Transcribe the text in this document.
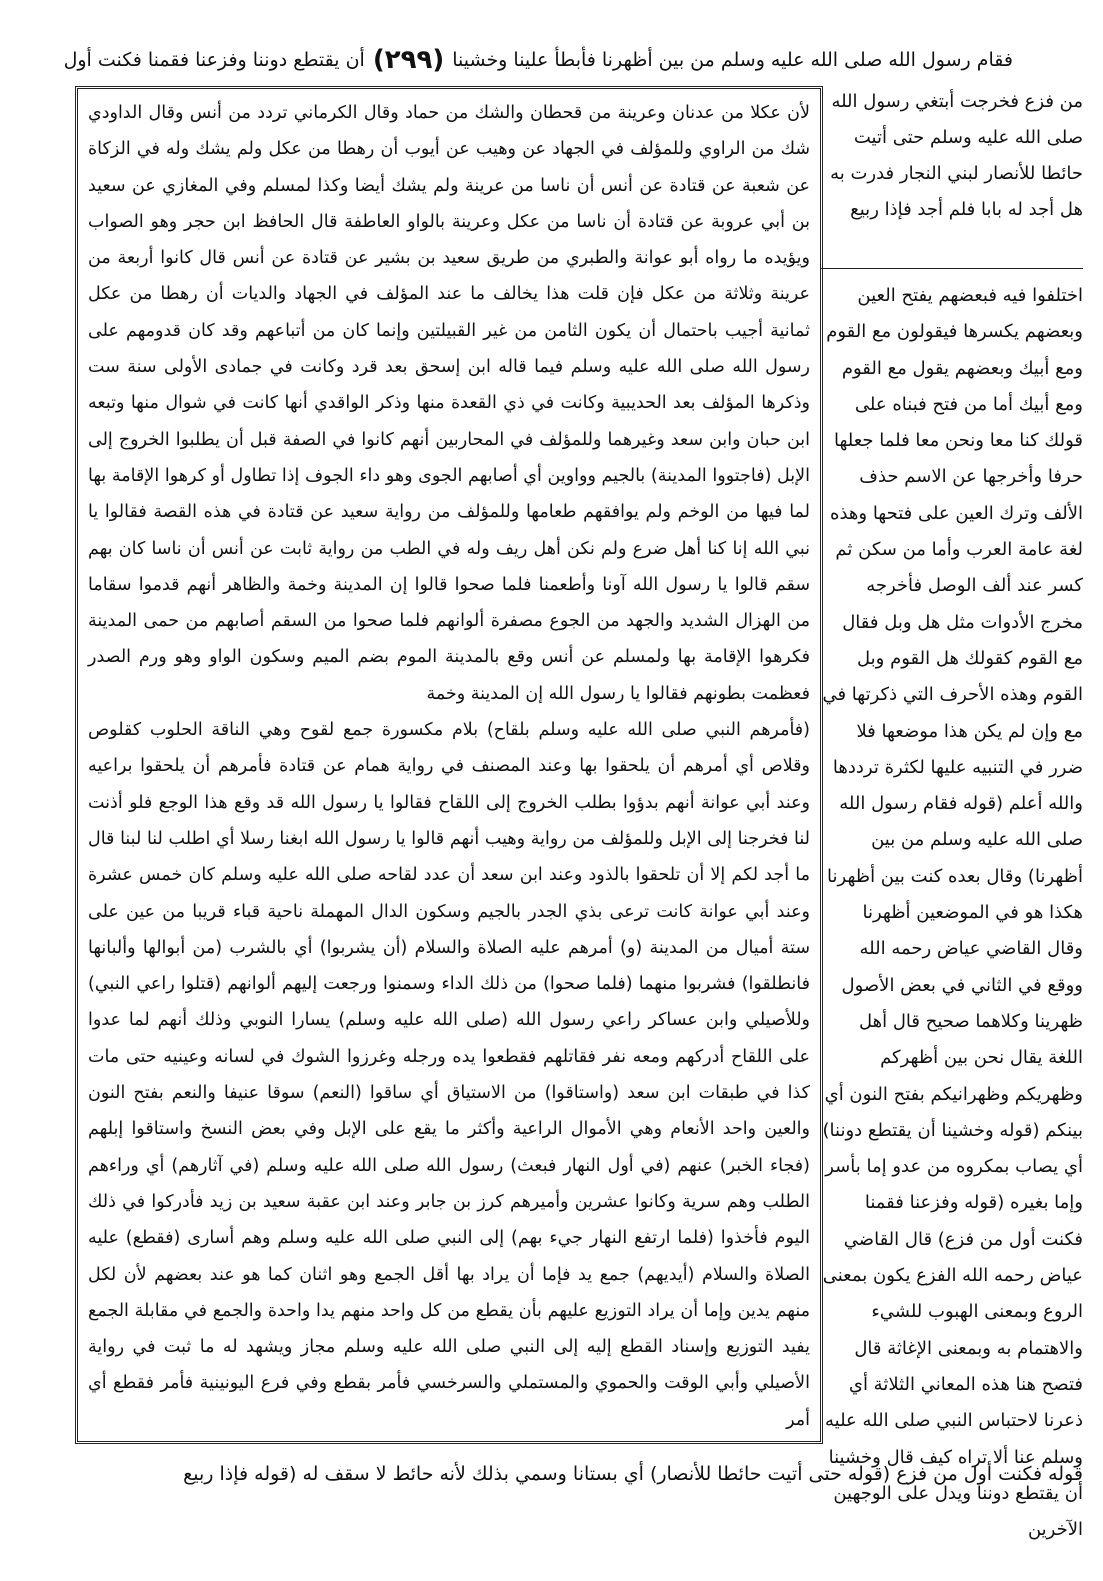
فقام رسول الله صلى الله عليه وسلم من بين أظهرنا فأبطأ علينا وخشينا
(٢٩٩)
أن يقتطع دوننا وفزعنا فقمنا فكنت أول

من فزع فخرجت أبتغي رسول الله صلى الله عليه وسلم حتى أتيت حائطا للأنصار لبني النجار فدرت به هل أجد له بابا فلم أجد فإذا ربيع

اختلفوا فيه فبعضهم يفتح العين وبعضهم يكسرها فيقولون مع القوم ومع أبيك وبعضهم يقول مع القوم ومع أبيك أما من فتح فبناه على قولك كنا معا ونحن معا فلما جعلها حرفا وأخرجها عن الاسم حذف الألف وترك العين على فتحها وهذه لغة عامة العرب وأما من سكن ثم كسر عند ألف الوصل فأخرجه مخرج الأدوات مثل هل وبل فقال مع القوم كقولك هل القوم وبل القوم وهذه الأحرف التي ذكرتها في مع وإن لم يكن هذا موضعها فلا ضرر في التنبيه عليها لكثرة ترددها والله أعلم (قوله فقام رسول الله صلى الله عليه وسلم من بين أظهرنا) وقال بعده كنت بين أظهرنا هكذا هو في الموضعين أظهرنا وقال القاضي عياض رحمه الله ووقع في الثاني في بعض الأصول ظهرينا وكلاهما صحيح قال أهل اللغة يقال نحن بين أظهركم وظهريكم وظهرانيكم بفتح النون أي بينكم (قوله وخشينا أن يقتطع دوننا) أي يصاب بمكروه من عدو إما بأسر وإما بغيره (قوله وفزعنا فقمنا فكنت أول من فزع) قال القاضي عياض رحمه الله الفزع يكون بمعنى الروع وبمعنى الهبوب للشيء والاهتمام به وبمعنى الإغاثة قال فتصح هنا هذه المعاني الثلاثة أي ذعرنا لاحتباس النبي صلى الله عليه وسلم عنا ألا تراه كيف قال وخشينا أن يقتطع دوننا ويدل على الوجهين الآخرين

لأن عكلا من عدنان وعرينة من قحطان والشك من حماد وقال الكرماني تردد من أنس وقال الداودي شك من الراوي وللمؤلف في الجهاد عن وهيب عن أيوب أن رهطا من عكل ولم يشك وله في الزكاة عن شعبة عن قتادة عن أنس أن ناسا من عرينة ولم يشك أيضا وكذا لمسلم وفي المغازي عن سعيد بن أبي عروبة عن قتادة أن ناسا من عكل وعرينة بالواو العاطفة قال الحافظ ابن حجر وهو الصواب ويؤيده ما رواه أبو عوانة والطبري من طريق سعيد بن بشير عن قتادة عن أنس قال كانوا أربعة من عرينة وثلاثة من عكل فإن قلت هذا يخالف ما عند المؤلف في الجهاد والديات أن رهطا من عكل ثمانية أجيب باحتمال أن يكون الثامن من غير القبيلتين وإنما كان من أتباعهم وقد كان قدومهم على رسول الله صلى الله عليه وسلم فيما قاله ابن إسحق بعد قرد وكانت في جمادى الأولى سنة ست وذكرها المؤلف بعد الحديبية وكانت في ذي القعدة منها وذكر الواقدي أنها كانت في شوال منها وتبعه ابن حبان وابن سعد وغيرهما وللمؤلف في المحاربين أنهم كانوا في الصفة قبل أن يطلبوا الخروج إلى الإبل (فاجتووا المدينة) بالجيم وواوين أي أصابهم الجوى وهو داء الجوف إذا تطاول أو كرهوا الإقامة بها لما فيها من الوخم ولم يوافقهم طعامها وللمؤلف من رواية سعيد عن قتادة في هذه القصة فقالوا يا نبي الله إنا كنا أهل ضرع ولم نكن أهل ريف وله في الطب من رواية ثابت عن أنس أن ناسا كان بهم سقم قالوا يا رسول الله آونا وأطعمنا فلما صحوا قالوا إن المدينة وخمة والظاهر أنهم قدموا سقاما من الهزال الشديد والجهد من الجوع مصفرة ألوانهم فلما صحوا من السقم أصابهم من حمى المدينة فكرهوا الإقامة بها ولمسلم عن أنس وقع بالمدينة الموم بضم الميم وسكون الواو وهو ورم الصدر فعظمت بطونهم فقالوا يا رسول الله إن المدينة وخمة

(فأمرهم النبي صلى الله عليه وسلم بلقاح) بلام مكسورة جمع لقوح وهي الناقة الحلوب كقلوص وقلاص أي أمرهم أن يلحقوا بها وعند المصنف في رواية همام عن قتادة فأمرهم أن يلحقوا براعيه وعند أبي عوانة أنهم بدؤوا بطلب الخروج إلى اللقاح فقالوا يا رسول الله قد وقع هذا الوجع فلو أذنت لنا فخرجنا إلى الإبل وللمؤلف من رواية وهيب أنهم قالوا يا رسول الله ابغنا رسلا أي اطلب لنا لبنا قال ما أجد لكم إلا أن تلحقوا بالذود وعند ابن سعد أن عدد لقاحه صلى الله عليه وسلم كان خمس عشرة وعند أبي عوانة كانت ترعى بذي الجدر بالجيم وسكون الدال المهملة ناحية قباء قريبا من عين على ستة أميال من المدينة (و) أمرهم عليه الصلاة والسلام (أن يشربوا) أي بالشرب (من أبوالها وألبانها فانطلقوا) فشربوا منهما (فلما صحوا) من ذلك الداء وسمنوا ورجعت إليهم ألوانهم (قتلوا راعي النبي) وللأصيلي وابن عساكر راعي رسول الله (صلى الله عليه وسلم) يسارا النوبي وذلك أنهم لما عدوا على اللقاح أدركهم ومعه نفر فقاتلهم فقطعوا يده ورجله وغرزوا الشوك في لسانه وعينيه حتى مات كذا في طبقات ابن سعد (واستاقوا) من الاستياق أي ساقوا (النعم) سوقا عنيفا والنعم بفتح النون والعين واحد الأنعام وهي الأموال الراعية وأكثر ما يقع على الإبل وفي بعض النسخ واستاقوا إبلهم (فجاء الخبر) عنهم (في أول النهار فبعث) رسول الله صلى الله عليه وسلم (في آثارهم) أي وراءهم الطلب وهم سرية وكانوا عشرين وأميرهم كرز بن جابر وعند ابن عقبة سعيد بن زيد فأدركوا في ذلك اليوم فأخذوا (فلما ارتفع النهار جيء بهم) إلى النبي صلى الله عليه وسلم وهم أسارى (فقطع) عليه الصلاة والسلام (أيديهم) جمع يد فإما أن يراد بها أقل الجمع وهو اثنان كما هو عند بعضهم لأن لكل منهم يدين وإما أن يراد التوزيع عليهم بأن يقطع من كل واحد منهم يدا واحدة والجمع في مقابلة الجمع يفيد التوزيع وإسناد القطع إليه إلى النبي صلى الله عليه وسلم مجاز ويشهد له ما ثبت في رواية الأصيلي وأبي الوقت والحموي والمستملي والسرخسي فأمر بقطع وفي فرع اليونينية فأمر فقطع أي أمر

قوله فكنت أول من فزع (قوله حتى أتيت حائطا للأنصار) أي بستانا وسمي بذلك لأنه حائط لا سقف له (قوله فإذا ربيع
